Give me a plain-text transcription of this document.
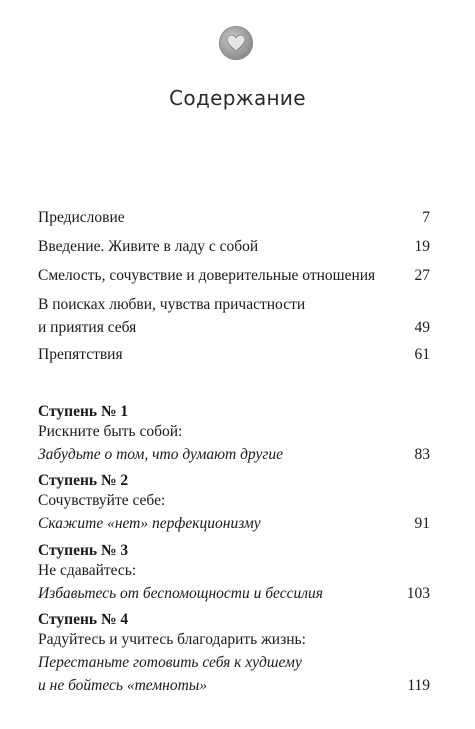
Содержание
Предисловие	7
Введение. Живите в ладу с собой	19
Смелость, сочувствие и доверительные отношения	27
В поисках любви, чувства причастности
и приятия себя	49
Препятствия	61
Ступень № 1
Рискните быть собой:
Забудьте о том, что думают другие	83
Ступень № 2
Сочувствуйте себе:
Скажите «нет» перфекционизму	91
Ступень № 3
Не сдавайтесь:
Избавьтесь от беспомощности и бессилия	103
Ступень № 4
Радуйтесь и учитесь благодарить жизнь:
Перестаньте готовить себя к худшему
и не бойтесь «темноты»	119
